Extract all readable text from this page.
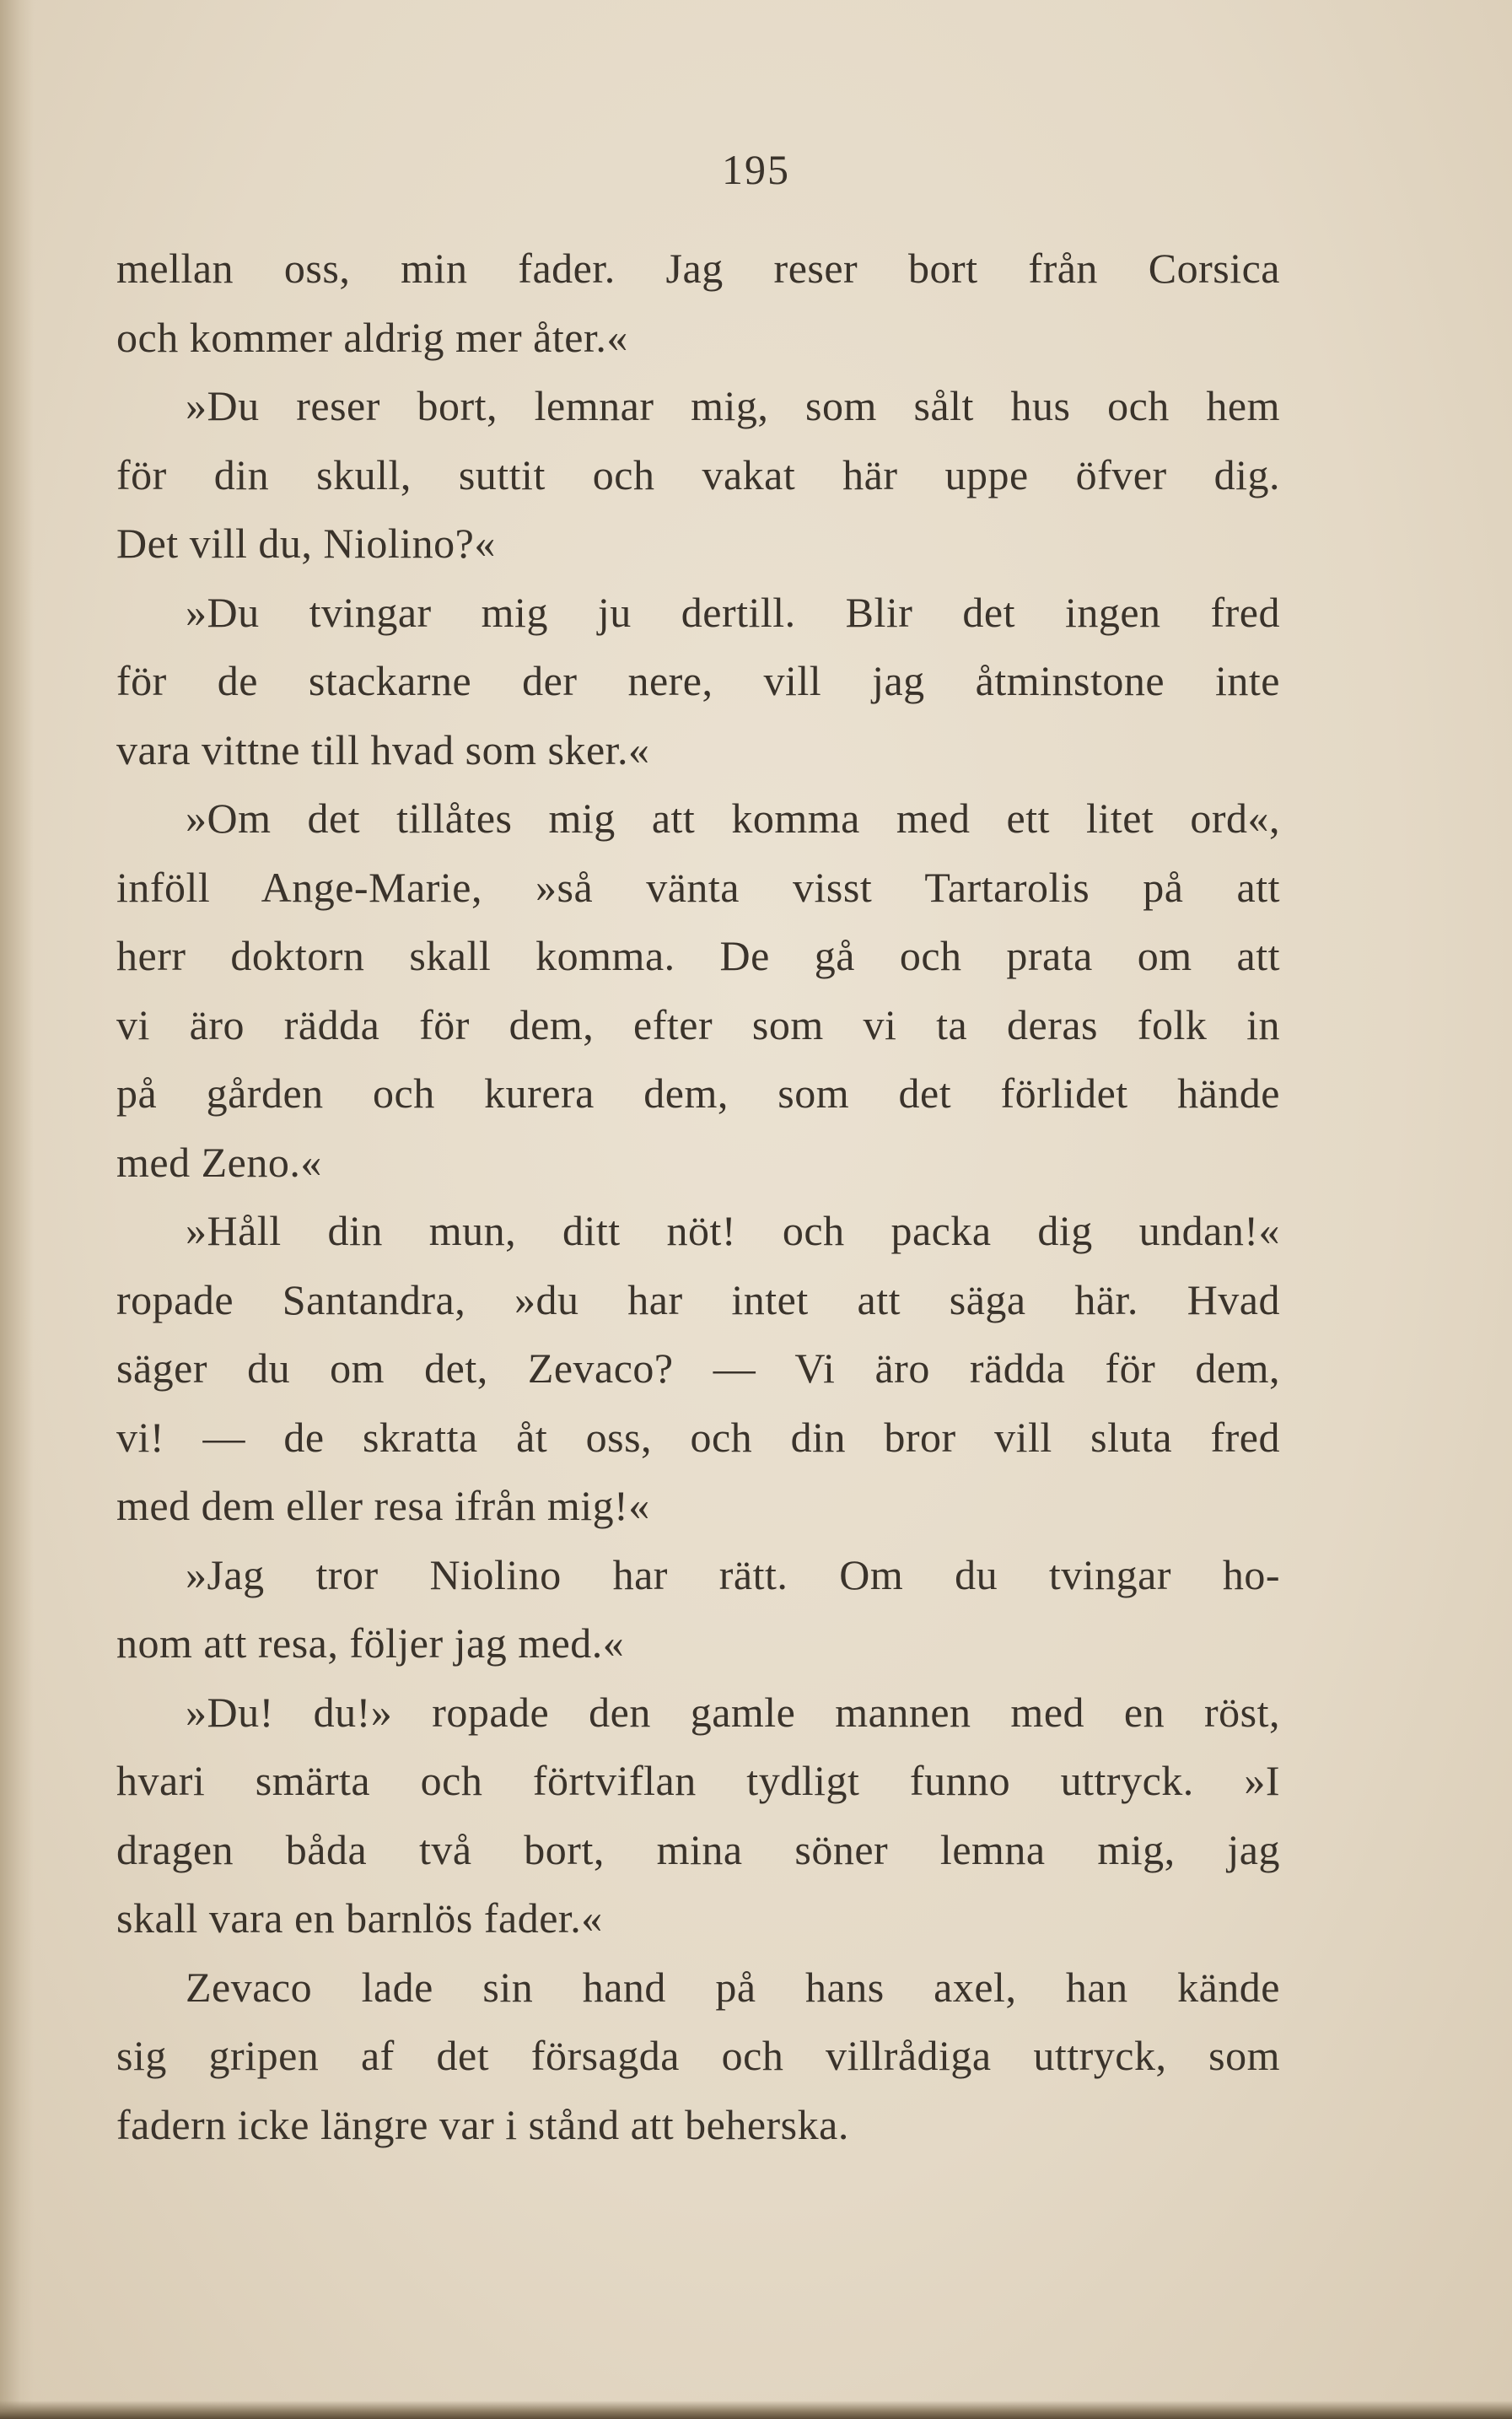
195
mellan oss, min fader. Jag reser bort från Corsica
och kommer aldrig mer åter.«
»Du reser bort, lemnar mig, som sålt hus och hem
för din skull, suttit och vakat här uppe öfver dig.
Det vill du, Niolino?«
»Du tvingar mig ju dertill. Blir det ingen fred
för de stackarne der nere, vill jag åtminstone inte
vara vittne till hvad som sker.«
»Om det tillåtes mig att komma med ett litet ord«,
inföll Ange-Marie, »så vänta visst Tartarolis på att
herr doktorn skall komma. De gå och prata om att
vi äro rädda för dem, efter som vi ta deras folk in
på gården och kurera dem, som det förlidet hände
med Zeno.«
»Håll din mun, ditt nöt! och packa dig undan!«
ropade Santandra, »du har intet att säga här. Hvad
säger du om det, Zevaco? — Vi äro rädda för dem,
vi! — de skratta åt oss, och din bror vill sluta fred
med dem eller resa ifrån mig!«
»Jag tror Niolino har rätt. Om du tvingar ho-
nom att resa, följer jag med.«
»Du! du!» ropade den gamle mannen med en röst,
hvari smärta och förtviflan tydligt funno uttryck. »I
dragen båda två bort, mina söner lemna mig, jag
skall vara en barnlös fader.«
Zevaco lade sin hand på hans axel, han kände
sig gripen af det försagda och villrådiga uttryck, som
fadern icke längre var i stånd att beherska.
